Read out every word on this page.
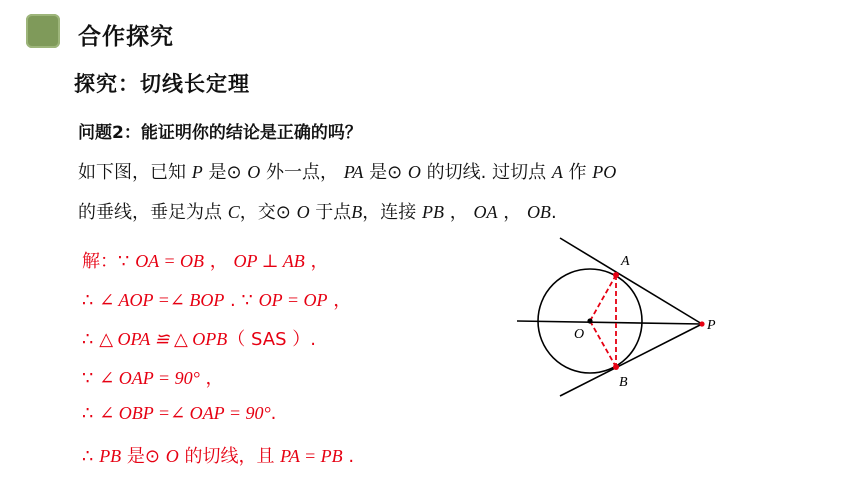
合作探究
探究：切线长定理
问题2：能证明你的结论是正确的吗？
如下图，已知 P 是⊙ O 外一点， PA 是⊙ O 的切线. 过切点 A 作 PO
的垂线，垂足为点 C，交⊙ O 于点B，连接 PB ， OA ， OB.
解：∵ OA = OB ， OP ⊥ AB ，
∴ ∠ AOP =∠ BOP . ∵ OP = OP ，
∴ △ OPA ≌ △ OPB（ SAS ）.
∵ ∠ OAP = 90° ，
∴ ∠ OBP =∠ OAP = 90°.
∴ PB 是⊙ O 的切线，且 PA = PB .
A
B
O
P
